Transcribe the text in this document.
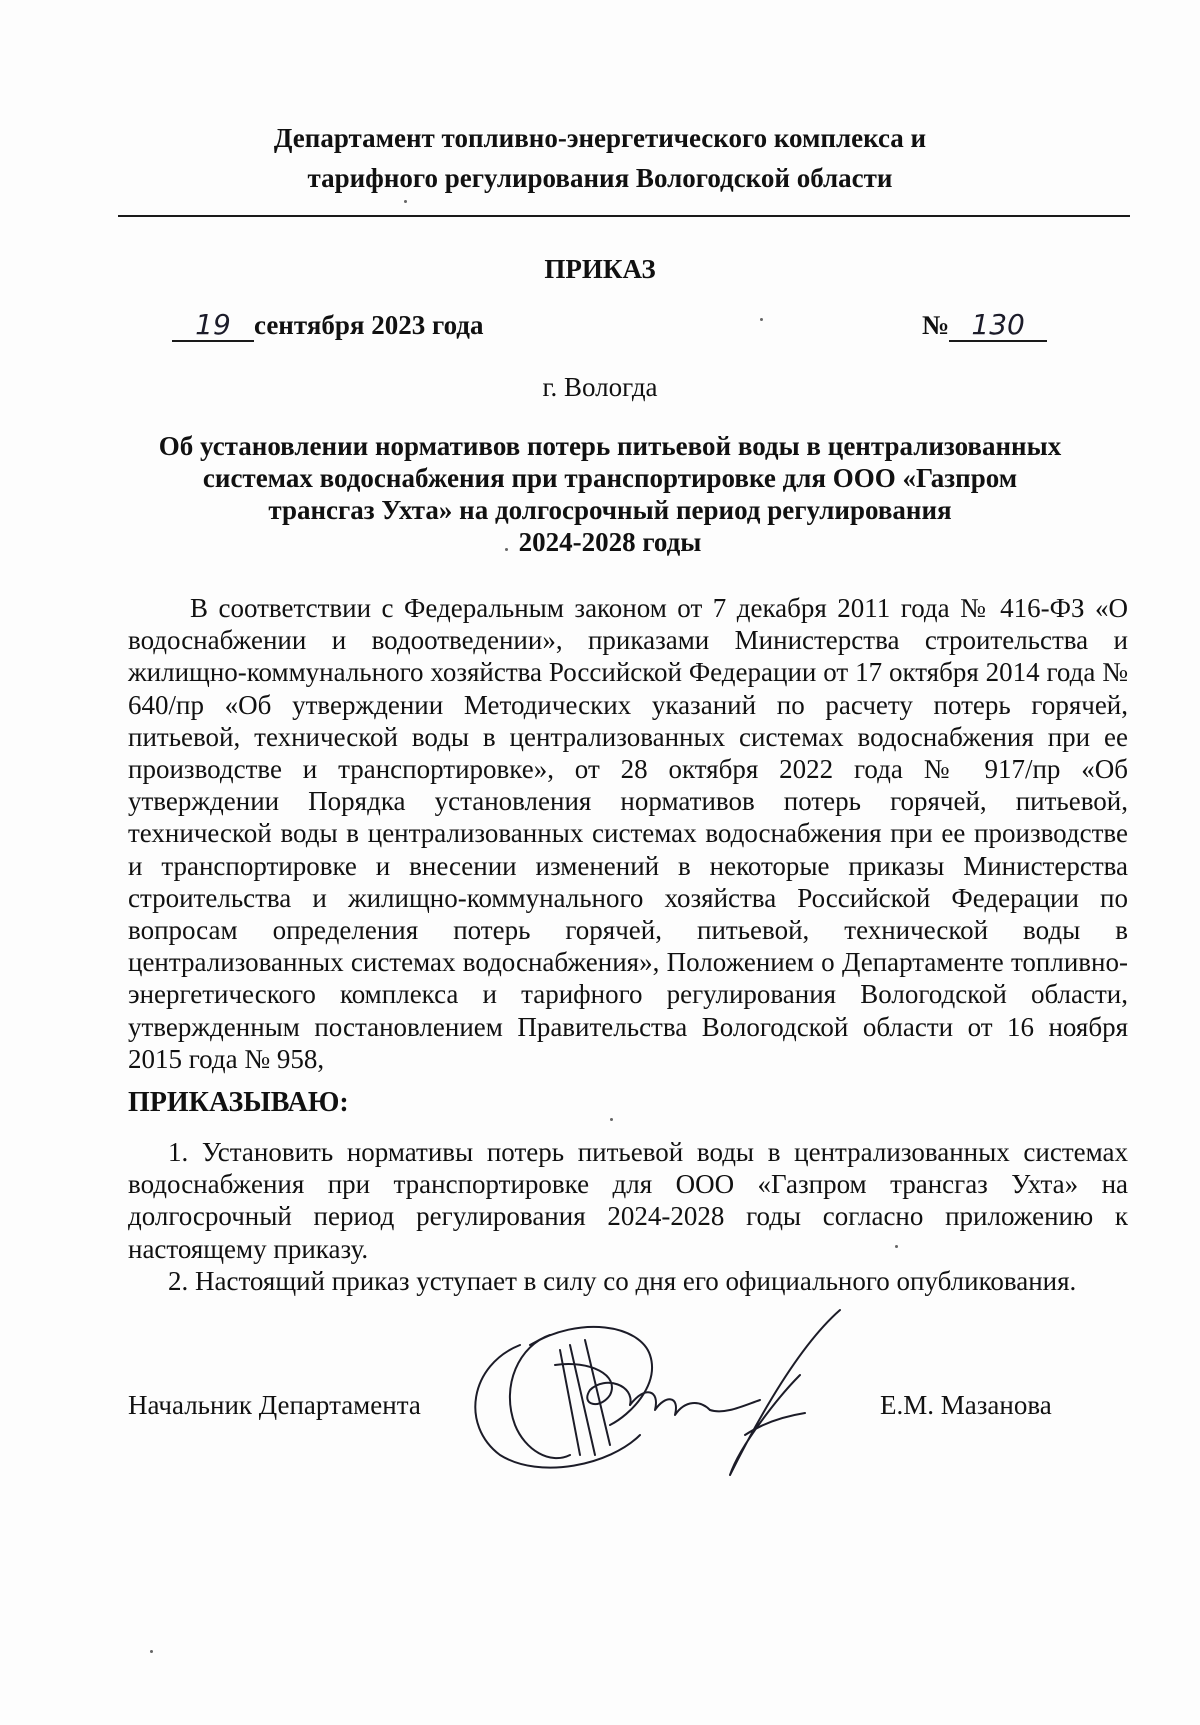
Департамент топливно-энергетического комплекса и
тарифного регулирования Вологодской области
ПРИКАЗ
19 сентября 2023 года	№ 130
г. Вологда
Об установлении нормативов потерь питьевой воды в централизованных
системах водоснабжения при транспортировке для ООО «Газпром
трансгаз Ухта» на долгосрочный период регулирования
2024-2028 годы

В соответствии с Федеральным законом от 7 декабря 2011 года № 416-ФЗ «О водоснабжении и водоотведении», приказами Министерства строительства и жилищно-коммунального хозяйства Российской Федерации от 17 октября 2014 года № 640/пр «Об утверждении Методических указаний по расчету потерь горячей, питьевой, технической воды в централизованных системах водоснабжения при ее производстве и транспортировке», от 28 октября 2022 года № 917/пр «Об утверждении Порядка установления нормативов потерь горячей, питьевой, технической воды в централизованных системах водоснабжения при ее производстве и транспортировке и внесении изменений в некоторые приказы Министерства строительства и жилищно-коммунального хозяйства Российской Федерации по вопросам определения потерь горячей, питьевой, технической воды в централизованных системах водоснабжения», Положением о Департаменте топливно-энергетического комплекса и тарифного регулирования Вологодской области, утвержденным постановлением Правительства Вологодской области от 16 ноября 2015 года № 958,

ПРИКАЗЫВАЮ:

1. Установить нормативы потерь питьевой воды в централизованных системах водоснабжения при транспортировке для ООО «Газпром трансгаз Ухта» на долгосрочный период регулирования 2024-2028 годы согласно приложению к настоящему приказу.

2. Настоящий приказ уступает в силу со дня его официального опубликования.

Начальник Департамента	Е.М. Мазанова
